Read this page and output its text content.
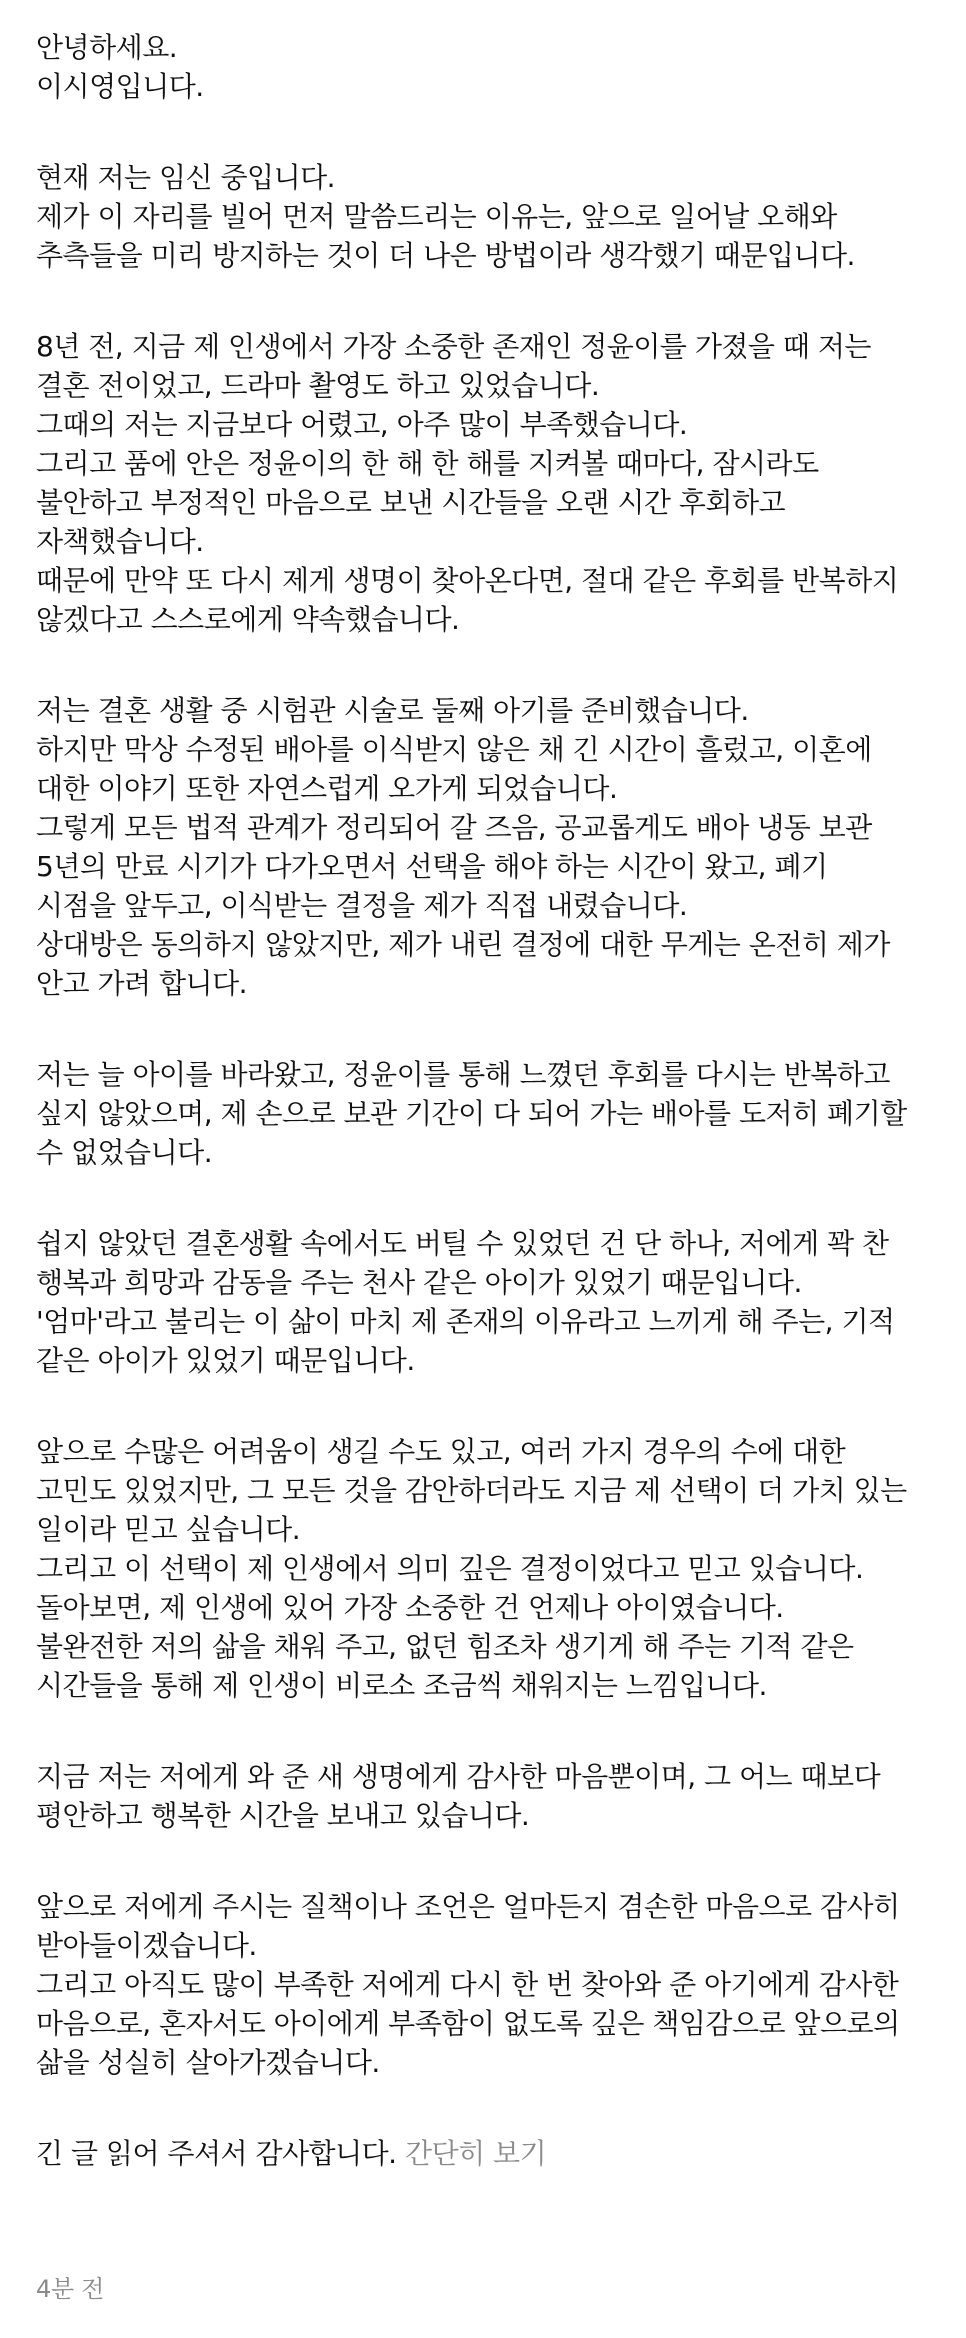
안녕하세요.
이시영입니다.
현재 저는 임신 중입니다.
제가 이 자리를 빌어 먼저 말씀드리는 이유는, 앞으로 일어날 오해와
추측들을 미리 방지하는 것이 더 나은 방법이라 생각했기 때문입니다.
8년 전, 지금 제 인생에서 가장 소중한 존재인 정윤이를 가졌을 때 저는
결혼 전이었고, 드라마 촬영도 하고 있었습니다.
그때의 저는 지금보다 어렸고, 아주 많이 부족했습니다.
그리고 품에 안은 정윤이의 한 해 한 해를 지켜볼 때마다, 잠시라도
불안하고 부정적인 마음으로 보낸 시간들을 오랜 시간 후회하고
자책했습니다.
때문에 만약 또 다시 제게 생명이 찾아온다면, 절대 같은 후회를 반복하지
않겠다고 스스로에게 약속했습니다.
저는 결혼 생활 중 시험관 시술로 둘째 아기를 준비했습니다.
하지만 막상 수정된 배아를 이식받지 않은 채 긴 시간이 흘렀고, 이혼에
대한 이야기 또한 자연스럽게 오가게 되었습니다.
그렇게 모든 법적 관계가 정리되어 갈 즈음, 공교롭게도 배아 냉동 보관
5년의 만료 시기가 다가오면서 선택을 해야 하는 시간이 왔고, 폐기
시점을 앞두고, 이식받는 결정을 제가 직접 내렸습니다.
상대방은 동의하지 않았지만, 제가 내린 결정에 대한 무게는 온전히 제가
안고 가려 합니다.
저는 늘 아이를 바라왔고, 정윤이를 통해 느꼈던 후회를 다시는 반복하고
싶지 않았으며, 제 손으로 보관 기간이 다 되어 가는 배아를 도저히 폐기할
수 없었습니다.
쉽지 않았던 결혼생활 속에서도 버틸 수 있었던 건 단 하나, 저에게 꽉 찬
행복과 희망과 감동을 주는 천사 같은 아이가 있었기 때문입니다.
'엄마'라고 불리는 이 삶이 마치 제 존재의 이유라고 느끼게 해 주는, 기적
같은 아이가 있었기 때문입니다.
앞으로 수많은 어려움이 생길 수도 있고, 여러 가지 경우의 수에 대한
고민도 있었지만, 그 모든 것을 감안하더라도 지금 제 선택이 더 가치 있는
일이라 믿고 싶습니다.
그리고 이 선택이 제 인생에서 의미 깊은 결정이었다고 믿고 있습니다.
돌아보면, 제 인생에 있어 가장 소중한 건 언제나 아이였습니다.
불완전한 저의 삶을 채워 주고, 없던 힘조차 생기게 해 주는 기적 같은
시간들을 통해 제 인생이 비로소 조금씩 채워지는 느낌입니다.
지금 저는 저에게 와 준 새 생명에게 감사한 마음뿐이며, 그 어느 때보다
평안하고 행복한 시간을 보내고 있습니다.
앞으로 저에게 주시는 질책이나 조언은 얼마든지 겸손한 마음으로 감사히
받아들이겠습니다.
그리고 아직도 많이 부족한 저에게 다시 한 번 찾아와 준 아기에게 감사한
마음으로, 혼자서도 아이에게 부족함이 없도록 깊은 책임감으로 앞으로의
삶을 성실히 살아가겠습니다.
긴 글 읽어 주셔서 감사합니다. 간단히 보기
4분 전
